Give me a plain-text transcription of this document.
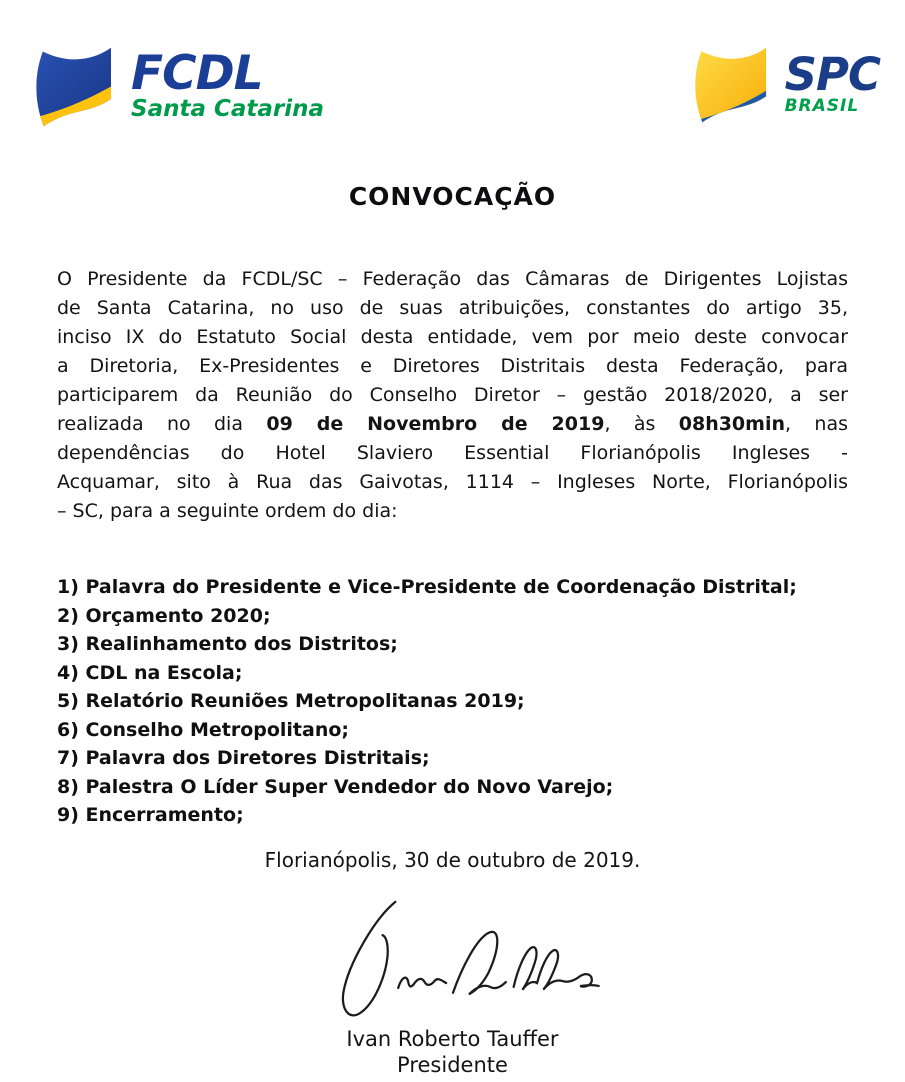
FCDL
Santa Catarina
SPC
BRASIL
CONVOCAÇÃO
O Presidente da FCDL/SC – Federação das Câmaras de Dirigentes Lojistas
de Santa Catarina, no uso de suas atribuições, constantes do artigo 35,
inciso IX do Estatuto Social desta entidade, vem por meio deste convocar
a Diretoria, Ex-Presidentes e Diretores Distritais desta Federação, para
participarem da Reunião do Conselho Diretor – gestão 2018/2020, a ser
realizada no dia 09 de Novembro de 2019, às 08h30min, nas
dependências do Hotel Slaviero Essential Florianópolis Ingleses -
Acquamar, sito à Rua das Gaivotas, 1114 – Ingleses Norte, Florianópolis
– SC, para a seguinte ordem do dia:
1) Palavra do Presidente e Vice-Presidente de Coordenação Distrital;
2) Orçamento 2020;
3) Realinhamento dos Distritos;
4) CDL na Escola;
5) Relatório Reuniões Metropolitanas 2019;
6) Conselho Metropolitano;
7) Palavra dos Diretores Distritais;
8) Palestra O Líder Super Vendedor do Novo Varejo;
9) Encerramento;
Florianópolis, 30 de outubro de 2019.
Ivan Roberto Tauffer
Presidente
